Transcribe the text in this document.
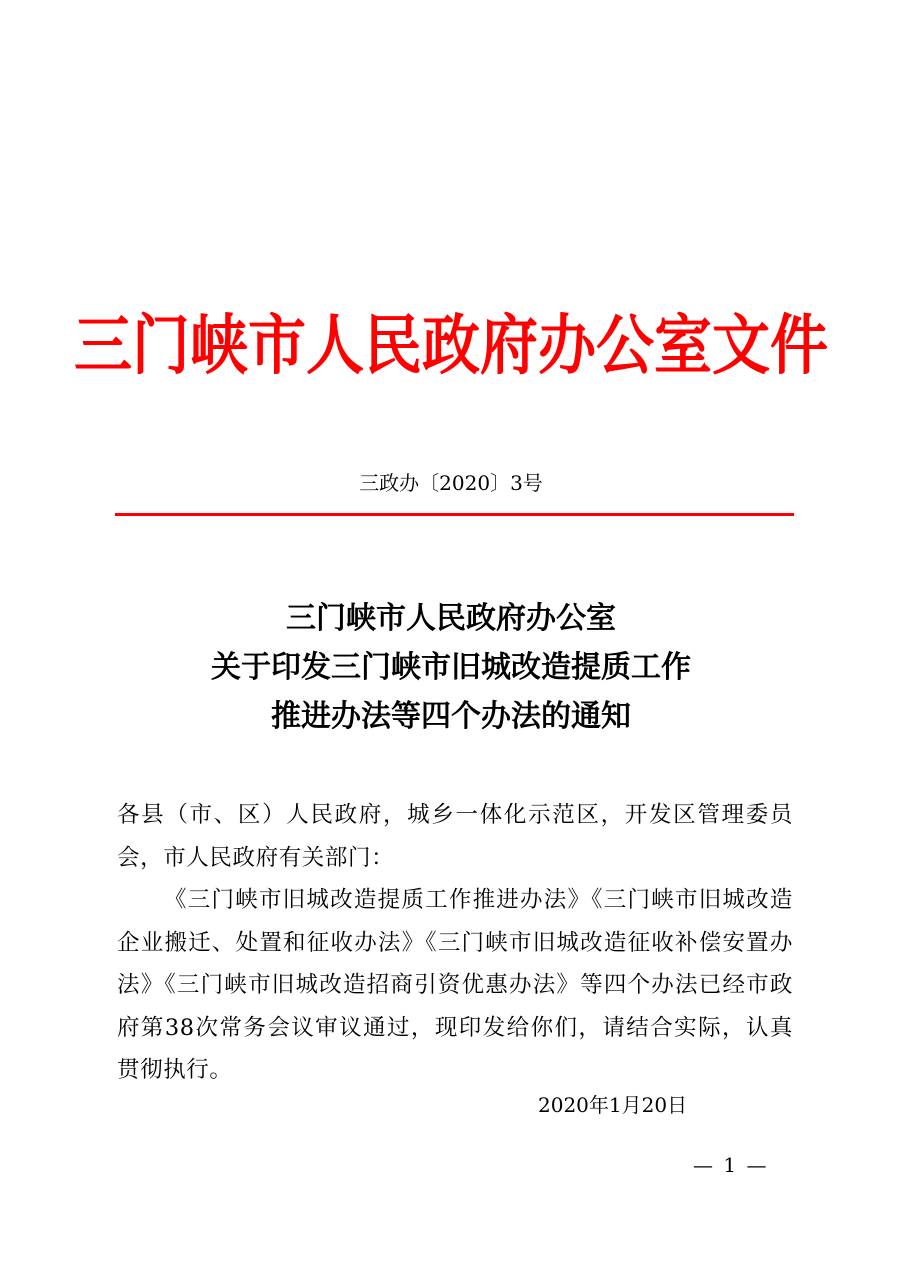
三门峡市人民政府办公室文件
三政办〔2020〕3号
三门峡市人民政府办公室
关于印发三门峡市旧城改造提质工作
推进办法等四个办法的通知

各县（市、区）人民政府，城乡一体化示范区，开发区管理委员会，市人民政府有关部门：

《三门峡市旧城改造提质工作推进办法》《三门峡市旧城改造企业搬迁、处置和征收办法》《三门峡市旧城改造征收补偿安置办法》《三门峡市旧城改造招商引资优惠办法》等四个办法已经市政府第38次常务会议审议通过，现印发给你们，请结合实际，认真贯彻执行。

2020年1月20日
— 1 —
